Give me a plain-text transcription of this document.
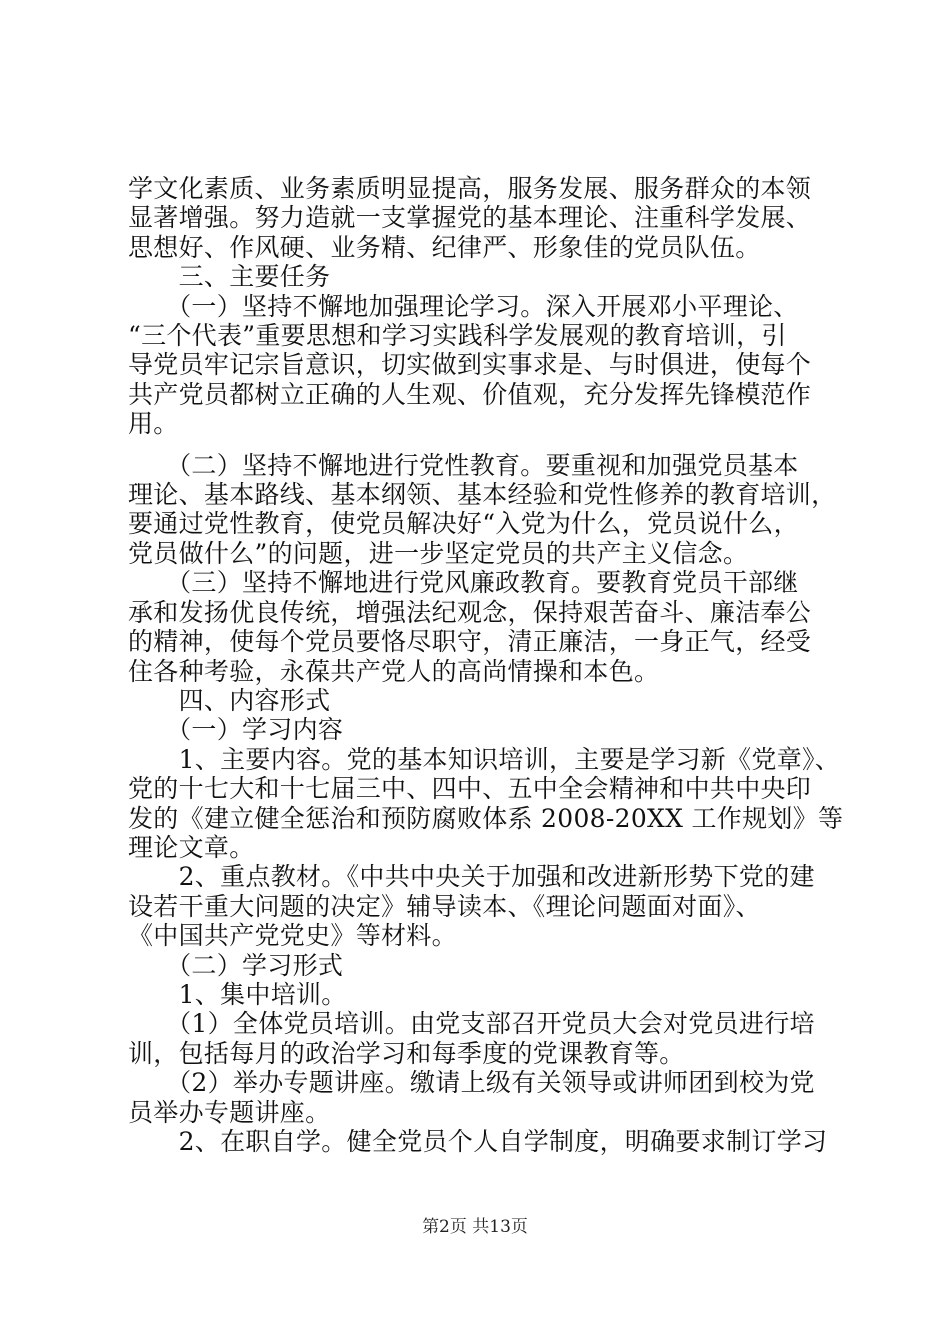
学文化素质、业务素质明显提高，服务发展、服务群众的本领
显著增强。努力造就一支掌握党的基本理论、注重科学发展、
思想好、作风硬、业务精、纪律严、形象佳的党员队伍。
　　三、主要任务
　　（一）坚持不懈地加强理论学习。深入开展邓小平理论、
“三个代表”重要思想和学习实践科学发展观的教育培训，引
导党员牢记宗旨意识，切实做到实事求是、与时俱进，使每个
共产党员都树立正确的人生观、价值观，充分发挥先锋模范作
用。
　　（二）坚持不懈地进行党性教育。要重视和加强党员基本
理论、基本路线、基本纲领、基本经验和党性修养的教育培训，
要通过党性教育，使党员解决好“入党为什么，党员说什么，
党员做什么”的问题，进一步坚定党员的共产主义信念。
　　（三）坚持不懈地进行党风廉政教育。要教育党员干部继
承和发扬优良传统，增强法纪观念，保持艰苦奋斗、廉洁奉公
的精神，使每个党员要恪尽职守，清正廉洁，一身正气，经受
住各种考验，永葆共产党人的高尚情操和本色。
　　四、内容形式
　　（一）学习内容
　　1、主要内容。党的基本知识培训，主要是学习新《党章》、
党的十七大和十七届三中、四中、五中全会精神和中共中央印
发的《建立健全惩治和预防腐败体系 2008-20XX 工作规划》等
理论文章。
　　2、重点教材。《中共中央关于加强和改进新形势下党的建
设若干重大问题的决定》辅导读本、《理论问题面对面》、
《中国共产党党史》等材料。
　　（二）学习形式
　　1、集中培训。
　　（1）全体党员培训。由党支部召开党员大会对党员进行培
训，包括每月的政治学习和每季度的党课教育等。
　　（2）举办专题讲座。缴请上级有关领导或讲师团到校为党
员举办专题讲座。
　　2、在职自学。健全党员个人自学制度，明确要求制订学习
第2页 共13页
